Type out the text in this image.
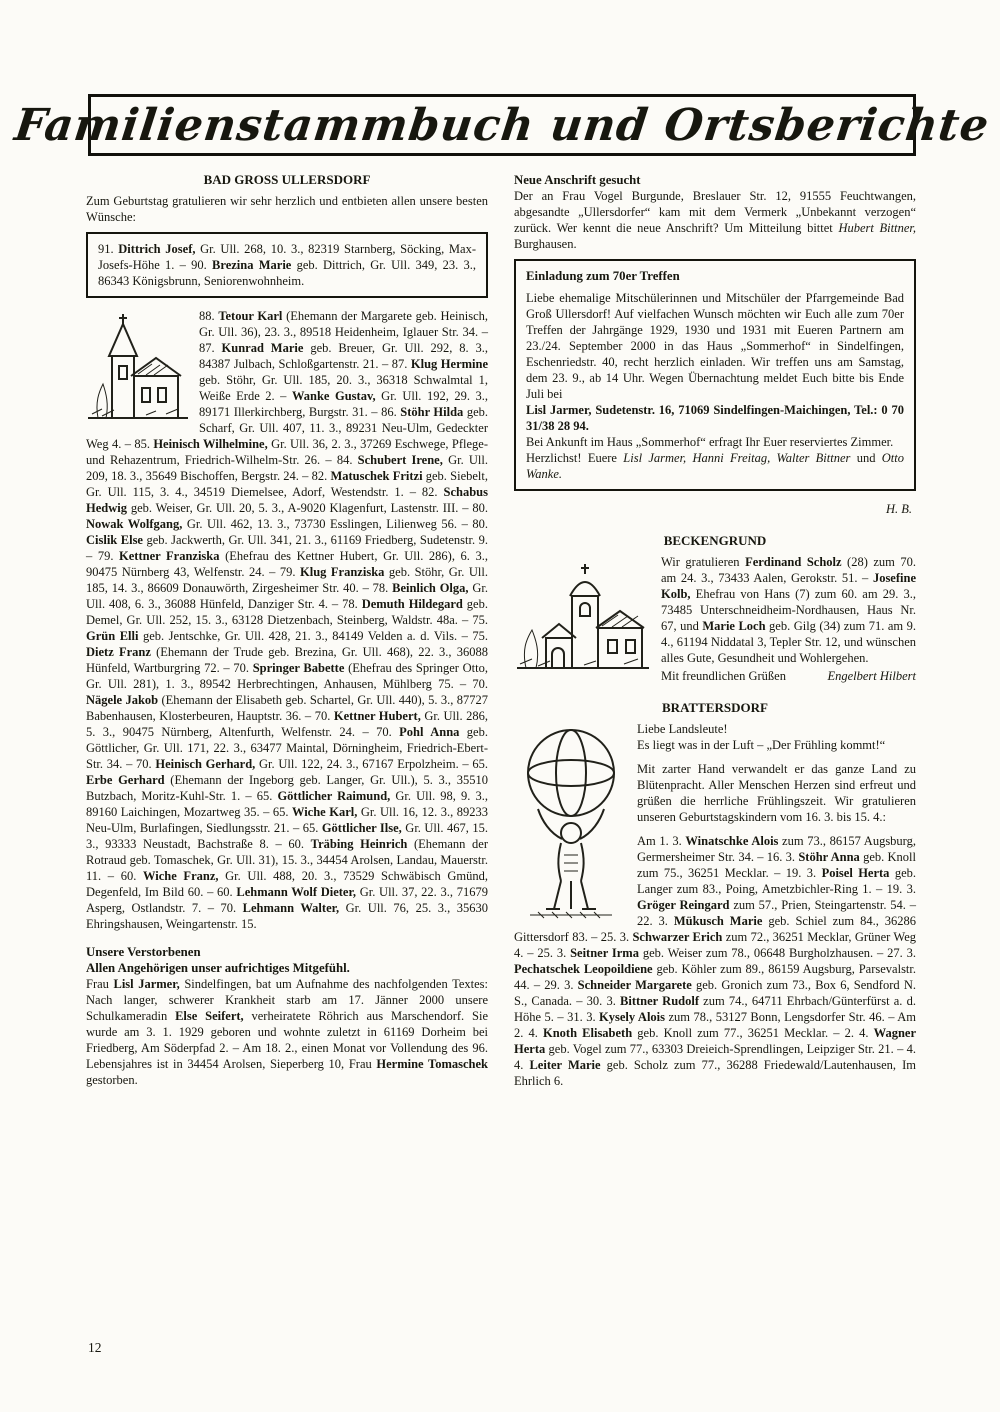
Familienstammbuch und Ortsberichte
BAD GROSS ULLERSDORF

Zum Geburtstag gratulieren wir sehr herzlich und entbieten allen unsere besten Wünsche:

91. Dittrich Josef, Gr. Ull. 268, 10. 3., 82319 Starnberg, Söcking, Max-Josefs-Höhe 1. – 90. Brezina Marie geb. Dittrich, Gr. Ull. 349, 23. 3., 86343 Königsbrunn, Seniorenwohnheim.

88. Tetour Karl (Ehemann der Margarete geb. Heinisch, Gr. Ull. 36), 23. 3., 89518 Heidenheim, Iglauer Str. 34. – 87. Kunrad Marie geb. Breuer, Gr. Ull. 292, 8. 3., 84387 Julbach, Schloßgartenstr. 21. – 87. Klug Hermine geb. Stöhr, Gr. Ull. 185, 20. 3., 36318 Schwalmtal 1, Weiße Erde 2. – Wanke Gustav, Gr. Ull. 192, 29. 3., 89171 Illerkirchberg, Burgstr. 31. – 86. Stöhr Hilda geb. Scharf, Gr. Ull. 407, 11. 3., 89231 Neu-Ulm, Gedeckter Weg 4. – 85. Heinisch Wilhelmine, Gr. Ull. 36, 2. 3., 37269 Eschwege, Pflege- und Rehazentrum, Friedrich-Wilhelm-Str. 26. – 84. Schubert Irene, Gr. Ull. 209, 18. 3., 35649 Bischoffen, Bergstr. 24. – 82. Matuschek Fritzi geb. Siebelt, Gr. Ull. 115, 3. 4., 34519 Diemelsee, Adorf, Westendstr. 1. – 82. Schabus Hedwig geb. Weiser, Gr. Ull. 20, 5. 3., A-9020 Klagenfurt, Lastenstr. III. – 80. Nowak Wolfgang, Gr. Ull. 462, 13. 3., 73730 Esslingen, Lilienweg 56. – 80. Cislik Else geb. Jackwerth, Gr. Ull. 341, 21. 3., 61169 Friedberg, Sudetenstr. 9. – 79. Kettner Franziska (Ehefrau des Kettner Hubert, Gr. Ull. 286), 6. 3., 90475 Nürnberg 43, Welfenstr. 24. – 79. Klug Franziska geb. Stöhr, Gr. Ull. 185, 14. 3., 86609 Donauwörth, Zirgesheimer Str. 40. – 78. Beinlich Olga, Gr. Ull. 408, 6. 3., 36088 Hünfeld, Danziger Str. 4. – 78. Demuth Hildegard geb. Demel, Gr. Ull. 252, 15. 3., 63128 Dietzenbach, Steinberg, Waldstr. 48a. – 75. Grün Elli geb. Jentschke, Gr. Ull. 428, 21. 3., 84149 Velden a. d. Vils. – 75. Dietz Franz (Ehemann der Trude geb. Brezina, Gr. Ull. 468), 22. 3., 36088 Hünfeld, Wartburgring 72. – 70. Springer Babette (Ehefrau des Springer Otto, Gr. Ull. 281), 1. 3., 89542 Herbrechtingen, Anhausen, Mühlberg 75. – 70. Nägele Jakob (Ehemann der Elisabeth geb. Schartel, Gr. Ull. 440), 5. 3., 87727 Babenhausen, Klosterbeuren, Hauptstr. 36. – 70. Kettner Hubert, Gr. Ull. 286, 5. 3., 90475 Nürnberg, Altenfurth, Welfenstr. 24. – 70. Pohl Anna geb. Göttlicher, Gr. Ull. 171, 22. 3., 63477 Maintal, Dörningheim, Friedrich-Ebert-Str. 34. – 70. Heinisch Gerhard, Gr. Ull. 122, 24. 3., 67167 Erpolzheim. – 65. Erbe Gerhard (Ehemann der Ingeborg geb. Langer, Gr. Ull.), 5. 3., 35510 Butzbach, Moritz-Kuhl-Str. 1. – 65. Göttlicher Raimund, Gr. Ull. 98, 9. 3., 89160 Laichingen, Mozartweg 35. – 65. Wiche Karl, Gr. Ull. 16, 12. 3., 89233 Neu-Ulm, Burlafingen, Siedlungsstr. 21. – 65. Göttlicher Ilse, Gr. Ull. 467, 15. 3., 93333 Neustadt, Bachstraße 8. – 60. Träbing Heinrich (Ehemann der Rotraud geb. Tomaschek, Gr. Ull. 31), 15. 3., 34454 Arolsen, Landau, Mauerstr. 11. – 60. Wiche Franz, Gr. Ull. 488, 20. 3., 73529 Schwäbisch Gmünd, Degenfeld, Im Bild 60. – 60. Lehmann Wolf Dieter, Gr. Ull. 37, 22. 3., 71679 Asperg, Ostlandstr. 7. – 70. Lehmann Walter, Gr. Ull. 76, 25. 3., 35630 Ehringshausen, Weingartenstr. 15.
Unsere Verstorbenen
Allen Angehörigen unser aufrichtiges Mitgefühl.

Frau Lisl Jarmer, Sindelfingen, bat um Aufnahme des nachfolgenden Textes: Nach langer, schwerer Krankheit starb am 17. Jänner 2000 unsere Schulkameradin Else Seifert, verheiratete Röhrich aus Marschendorf. Sie wurde am 3. 1. 1929 geboren und wohnte zuletzt in 61169 Dorheim bei Friedberg, Am Söderpfad 2. – Am 18. 2., einen Monat vor Vollendung des 96. Lebensjahres ist in 34454 Arolsen, Sieperberg 10, Frau Hermine Tomaschek gestorben.

Neue Anschrift gesucht

Der an Frau Vogel Burgunde, Breslauer Str. 12, 91555 Feuchtwangen, abgesandte „Ullersdorfer“ kam mit dem Vermerk „Unbekannt verzogen“ zurück. Wer kennt die neue Anschrift? Um Mitteilung bittet Hubert Bittner, Burghausen.

Einladung zum 70er Treffen

Liebe ehemalige Mitschülerinnen und Mitschüler der Pfarrgemeinde Bad Groß Ullersdorf! Auf vielfachen Wunsch möchten wir Euch alle zum 70er Treffen der Jahrgänge 1929, 1930 und 1931 mit Eueren Partnern am 23./24. September 2000 in das Haus „Sommerhof“ in Sindelfingen, Eschenriedstr. 40, recht herzlich einladen. Wir treffen uns am Samstag, dem 23. 9., ab 14 Uhr. Wegen Übernachtung meldet Euch bitte bis Ende Juli bei

Lisl Jarmer, Sudetenstr. 16, 71069 Sindelfingen-Maichingen, Tel.: 0 70 31/38 28 94.

Bei Ankunft im Haus „Sommerhof“ erfragt Ihr Euer reserviertes Zimmer.

Herzlichst! Euere Lisl Jarmer, Hanni Freitag, Walter Bittner und Otto Wanke.

H. B.
BECKENGRUND
Wir gratulieren Ferdinand Scholz (28) zum 70. am 24. 3., 73433 Aalen, Gerokstr. 51. – Josefine Kolb, Ehefrau von Hans (7) zum 60. am 29. 3., 73485 Unterschneidheim-Nordhausen, Haus Nr. 67, und Marie Loch geb. Gilg (34) zum 71. am 9. 4., 61194 Niddatal 3, Tepler Str. 12, und wünschen alles Gute, Gesundheit und Wohlergehen.
Mit freundlichen Grüßen	Engelbert Hilbert
BRATTERSDORF

Liebe Landsleute!

Es liegt was in der Luft – „Der Frühling kommt!“

Mit zarter Hand verwandelt er das ganze Land zu Blütenpracht. Aller Menschen Herzen sind erfreut und grüßen die herrliche Frühlingszeit. Wir gratulieren unseren Geburtstagskindern vom 16. 3. bis 15. 4.:

Am 1. 3. Winatschke Alois zum 73., 86157 Augsburg, Germersheimer Str. 34. – 16. 3. Stöhr Anna geb. Knoll zum 75., 36251 Mecklar. – 19. 3. Poisel Herta geb. Langer zum 83., Poing, Ametzbichler-Ring 1. – 19. 3. Gröger Reingard zum 57., Prien, Steingartenstr. 54. – 22. 3. Mükusch Marie geb. Schiel zum 84., 36286 Gittersdorf 83. – 25. 3. Schwarzer Erich zum 72., 36251 Mecklar, Grüner Weg 4. – 25. 3. Seitner Irma geb. Weiser zum 78., 06648 Burgholzhausen. – 27. 3. Pechatschek Leopoildiene geb. Köhler zum 89., 86159 Augsburg, Parsevalstr. 44. – 29. 3. Schneider Margarete geb. Gronich zum 73., Box 6, Sendford N. S., Canada. – 30. 3. Bittner Rudolf zum 74., 64711 Ehrbach/Günterfürst a. d. Höhe 5. – 31. 3. Kysely Alois zum 78., 53127 Bonn, Lengsdorfer Str. 46. – Am 2. 4. Knoth Elisabeth geb. Knoll zum 77., 36251 Mecklar. – 2. 4. Wagner Herta geb. Vogel zum 77., 63303 Dreieich-Sprendlingen, Leipziger Str. 21. – 4. 4. Leiter Marie geb. Scholz zum 77., 36288 Friedewald/Lautenhausen, Im Ehrlich 6.

12
